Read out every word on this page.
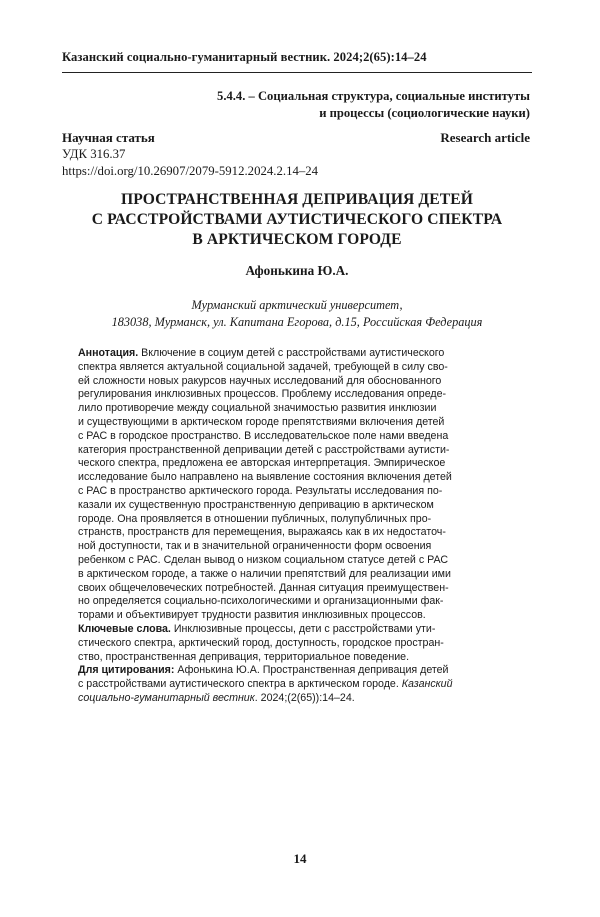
Казанский социально-гуманитарный вестник. 2024;2(65):14–24
5.4.4. – Социальная структура, социальные институты
и процессы (социологические науки)
Научная статья	Research article
УДК 316.37
https://doi.org/10.26907/2079-5912.2024.2.14–24
ПРОСТРАНСТВЕННАЯ ДЕПРИВАЦИЯ ДЕТЕЙ
С РАССТРОЙСТВАМИ АУТИСТИЧЕСКОГО СПЕКТРА
В АРКТИЧЕСКОМ ГОРОДЕ
Афонькина Ю.А.
Мурманский арктический университет,
183038, Мурманск, ул. Капитана Егорова, д.15, Российская Федерация
Аннотация. Включение в социум детей с расстройствами аутистического
спектра является актуальной социальной задачей, требующей в силу сво-
ей сложности новых ракурсов научных исследований для обоснованного
регулирования инклюзивных процессов. Проблему исследования опреде-
лило противоречие между социальной значимостью развития инклюзии
и существующими в арктическом городе препятствиями включения детей
с РАС в городское пространство. В исследовательское поле нами введена
категория пространственной депривации детей с расстройствами аутисти-
ческого спектра, предложена ее авторская интерпретация. Эмпирическое
исследование было направлено на выявление состояния включения детей
с РАС в пространство арктического города. Результаты исследования по-
казали их существенную пространственную депривацию в арктическом
городе. Она проявляется в отношении публичных, полупубличных про-
странств, пространств для перемещения, выражаясь как в их недостаточ-
ной доступности, так и в значительной ограниченности форм освоения
ребенком с РАС. Сделан вывод о низком социальном статусе детей с РАС
в арктическом городе, а также о наличии препятствий для реализации ими
своих общечеловеческих потребностей. Данная ситуация преимуществен-
но определяется социально-психологическими и организационными фак-
торами и объективирует трудности развития инклюзивных процессов.
Ключевые слова. Инклюзивные процессы, дети с расстройствами ути-
стического спектра, арктический город, доступность, городское простран-
ство, пространственная депривация, территориальное поведение.
Для цитирования: Афонькина Ю.А. Пространственная депривация детей
с расстройствами аутистического спектра в арктическом городе. Казанский
социально-гуманитарный вестник. 2024;(2(65)):14–24.
14
